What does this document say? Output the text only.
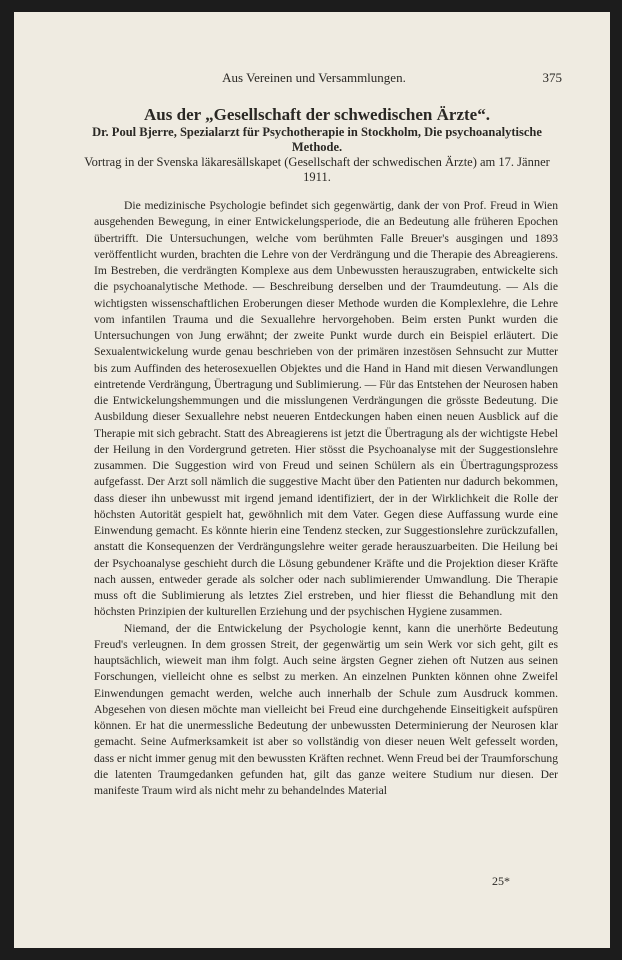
Aus Vereinen und Versammlungen.	375
Aus der „Gesellschaft der schwedischen Ärzte“.
Dr. Poul Bjerre, Spezialarzt für Psychotherapie in Stockholm, Die psychoanalytische Methode.
Vortrag in der Svenska läkaresällskapet (Gesellschaft der schwedischen Ärzte) am 17. Jänner 1911.

Die medizinische Psychologie befindet sich gegenwärtig, dank der von Prof. Freud in Wien ausgehenden Bewegung, in einer Entwickelungsperiode, die an Bedeutung alle früheren Epochen übertrifft. Die Untersuchungen, welche vom berühmten Falle Breuer's ausgingen und 1893 veröffentlicht wurden, brachten die Lehre von der Verdrängung und die Therapie des Abreagierens. Im Bestreben, die verdrängten Komplexe aus dem Unbewussten herauszugraben, entwickelte sich die psychoanalytische Methode. — Beschreibung derselben und der Traumdeutung. — Als die wichtigsten wissenschaftlichen Eroberungen dieser Methode wurden die Komplexlehre, die Lehre vom infantilen Trauma und die Sexuallehre hervorgehoben. Beim ersten Punkt wurden die Untersuchungen von Jung erwähnt; der zweite Punkt wurde durch ein Beispiel erläutert. Die Sexualentwickelung wurde genau beschrieben von der primären inzestösen Sehnsucht zur Mutter bis zum Auffinden des heterosexuellen Objektes und die Hand in Hand mit diesen Verwandlungen eintretende Verdrängung, Übertragung und Sublimierung. — Für das Entstehen der Neurosen haben die Entwickelungshemmungen und die misslungenen Verdrängungen die grösste Bedeutung. Die Ausbildung dieser Sexuallehre nebst neueren Entdeckungen haben einen neuen Ausblick auf die Therapie mit sich gebracht. Statt des Abreagierens ist jetzt die Übertragung als der wichtigste Hebel der Heilung in den Vordergrund getreten. Hier stösst die Psychoanalyse mit der Suggestionslehre zusammen. Die Suggestion wird von Freud und seinen Schülern als ein Übertragungsprozess aufgefasst. Der Arzt soll nämlich die suggestive Macht über den Patienten nur dadurch bekommen, dass dieser ihn unbewusst mit irgend jemand identifiziert, der in der Wirklichkeit die Rolle der höchsten Autorität gespielt hat, gewöhnlich mit dem Vater. Gegen diese Auffassung wurde eine Einwendung gemacht. Es könnte hierin eine Tendenz stecken, zur Suggestionslehre zurückzufallen, anstatt die Konsequenzen der Verdrängungslehre weiter gerade herauszuarbeiten. Die Heilung bei der Psychoanalyse geschieht durch die Lösung gebundener Kräfte und die Projektion dieser Kräfte nach aussen, entweder gerade als solcher oder nach sublimierender Umwandlung. Die Therapie muss oft die Sublimierung als letztes Ziel erstreben, und hier fliesst die Behandlung mit den höchsten Prinzipien der kulturellen Erziehung und der psychischen Hygiene zusammen.

Niemand, der die Entwickelung der Psychologie kennt, kann die unerhörte Bedeutung Freud's verleugnen. In dem grossen Streit, der gegenwärtig um sein Werk vor sich geht, gilt es hauptsächlich, wieweit man ihm folgt. Auch seine ärgsten Gegner ziehen oft Nutzen aus seinen Forschungen, vielleicht ohne es selbst zu merken. An einzelnen Punkten können ohne Zweifel Einwendungen gemacht werden, welche auch innerhalb der Schule zum Ausdruck kommen. Abgesehen von diesen möchte man vielleicht bei Freud eine durchgehende Einseitigkeit aufspüren können. Er hat die unermessliche Bedeutung der unbewussten Determinierung der Neurosen klar gemacht. Seine Aufmerksamkeit ist aber so vollständig von dieser neuen Welt gefesselt worden, dass er nicht immer genug mit den bewussten Kräften rechnet. Wenn Freud bei der Traumforschung die latenten Traumgedanken gefunden hat, gilt das ganze weitere Studium nur diesen. Der manifeste Traum wird als nicht mehr zu behandelndes Material

25*
